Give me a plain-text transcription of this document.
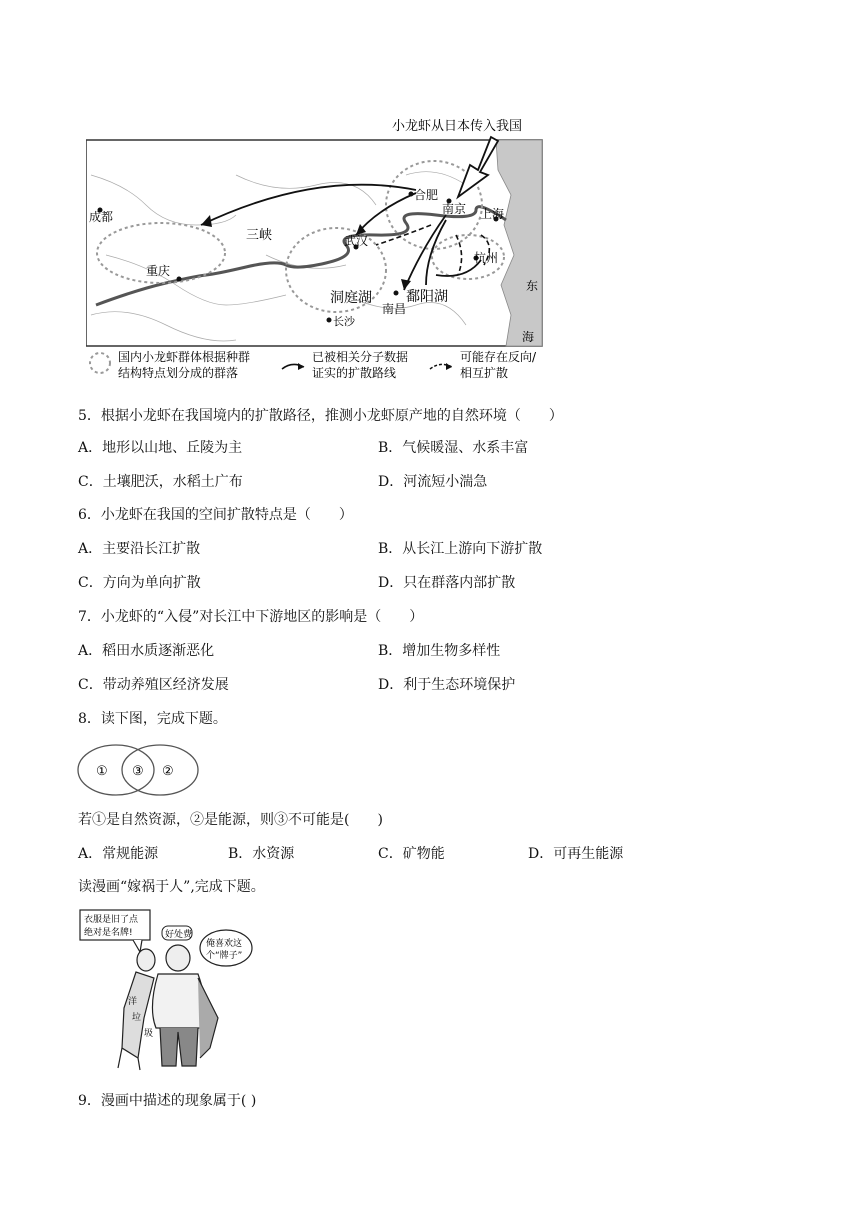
小龙虾从日本传入我国
成都
重庆
三峡	武汉
合肥
南京 上海
杭州
洞庭湖 鄱阳湖
南昌
长沙
东
海
国内小龙虾群体根据种群
结构特点划分成的群落
已被相关分子数据
证实的扩散路线
可能存在反向/
相互扩散
5．根据小龙虾在我国境内的扩散路径，推测小龙虾原产地的自然环境（　　）
A．地形以山地、丘陵为主	B．气候暖湿、水系丰富
C．土壤肥沃，水稻土广布	D．河流短小湍急
6．小龙虾在我国的空间扩散特点是（　　）
A．主要沿长江扩散	B．从长江上游向下游扩散
C．方向为单向扩散	D．只在群落内部扩散
7．小龙虾的“入侵”对长江中下游地区的影响是（　　）
A．稻田水质逐渐恶化	B．增加生物多样性
C．带动养殖区经济发展	D．利于生态环境保护
8．读下图，完成下题。
① ③ ②
若①是自然资源，②是能源，则③不可能是(　　)
A．常规能源	B．水资源	C．矿物能	D．可再生能源
读漫画“嫁祸于人”,完成下题。
衣服是旧了点
绝对是名牌!	好处费
俺喜欢这
个“牌子”
洋
垃
圾
9．漫画中描述的现象属于( )
